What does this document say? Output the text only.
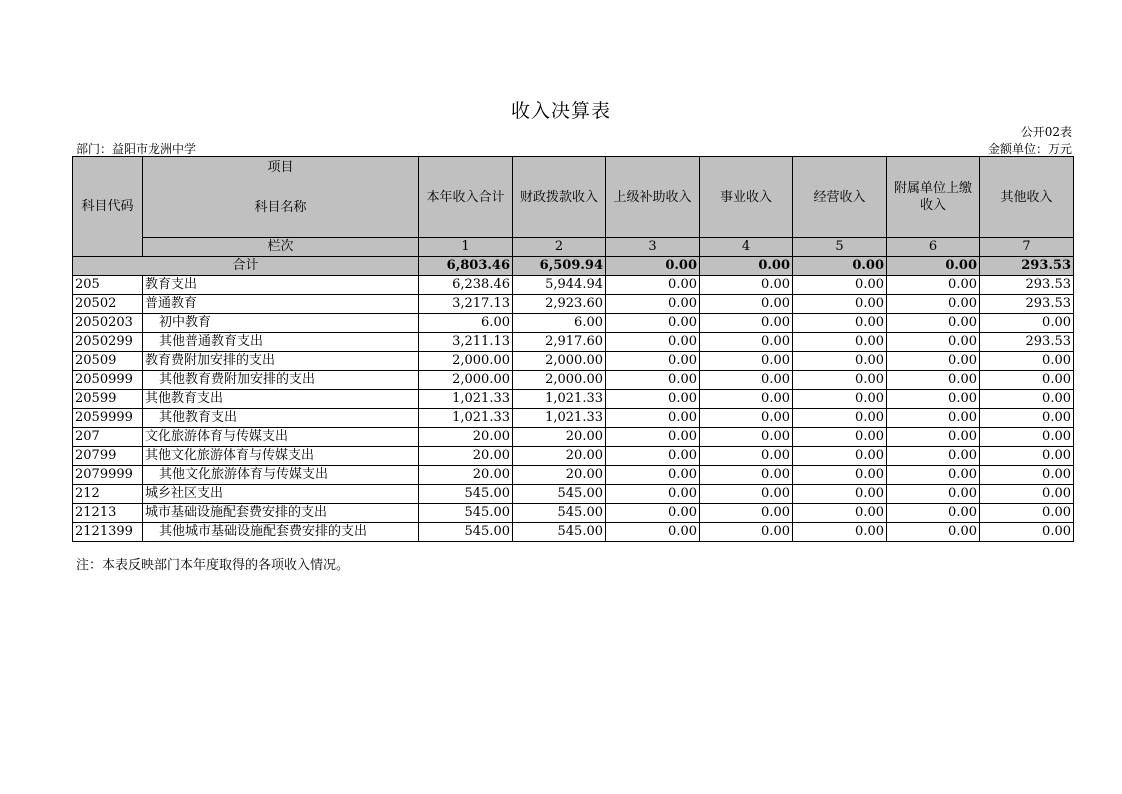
收入决算表
公开02表
部门：益阳市龙洲中学	金额单位：万元
科目代码	项目
科目名称	本年收入合计	财政拨款收入	上级补助收入	事业收入	经营收入	附属单位上缴收入	其他收入
	栏次	1	2	3	4	5	6	7
合计		6,803.46	6,509.94	0.00	0.00	0.00	0.00	293.53
205	教育支出	6,238.46	5,944.94	0.00	0.00	0.00	0.00	293.53
20502	普通教育	3,217.13	2,923.60	0.00	0.00	0.00	0.00	293.53
2050203	初中教育	6.00	6.00	0.00	0.00	0.00	0.00	0.00
2050299	其他普通教育支出	3,211.13	2,917.60	0.00	0.00	0.00	0.00	293.53
20509	教育费附加安排的支出	2,000.00	2,000.00	0.00	0.00	0.00	0.00	0.00
2050999	其他教育费附加安排的支出	2,000.00	2,000.00	0.00	0.00	0.00	0.00	0.00
20599	其他教育支出	1,021.33	1,021.33	0.00	0.00	0.00	0.00	0.00
2059999	其他教育支出	1,021.33	1,021.33	0.00	0.00	0.00	0.00	0.00
207	文化旅游体育与传媒支出	20.00	20.00	0.00	0.00	0.00	0.00	0.00
20799	其他文化旅游体育与传媒支出	20.00	20.00	0.00	0.00	0.00	0.00	0.00
2079999	其他文化旅游体育与传媒支出	20.00	20.00	0.00	0.00	0.00	0.00	0.00
212	城乡社区支出	545.00	545.00	0.00	0.00	0.00	0.00	0.00
21213	城市基础设施配套费安排的支出	545.00	545.00	0.00	0.00	0.00	0.00	0.00
2121399	其他城市基础设施配套费安排的支出	545.00	545.00	0.00	0.00	0.00	0.00	0.00
注：本表反映部门本年度取得的各项收入情况。
